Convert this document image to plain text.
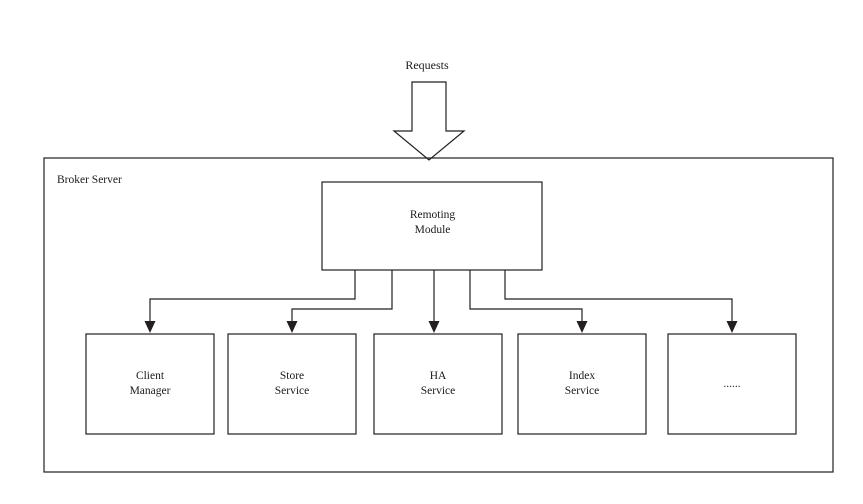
Requests
Broker Server
Remoting
Module
Client
Manager
Store
Service
HA
Service
Index
Service
......
